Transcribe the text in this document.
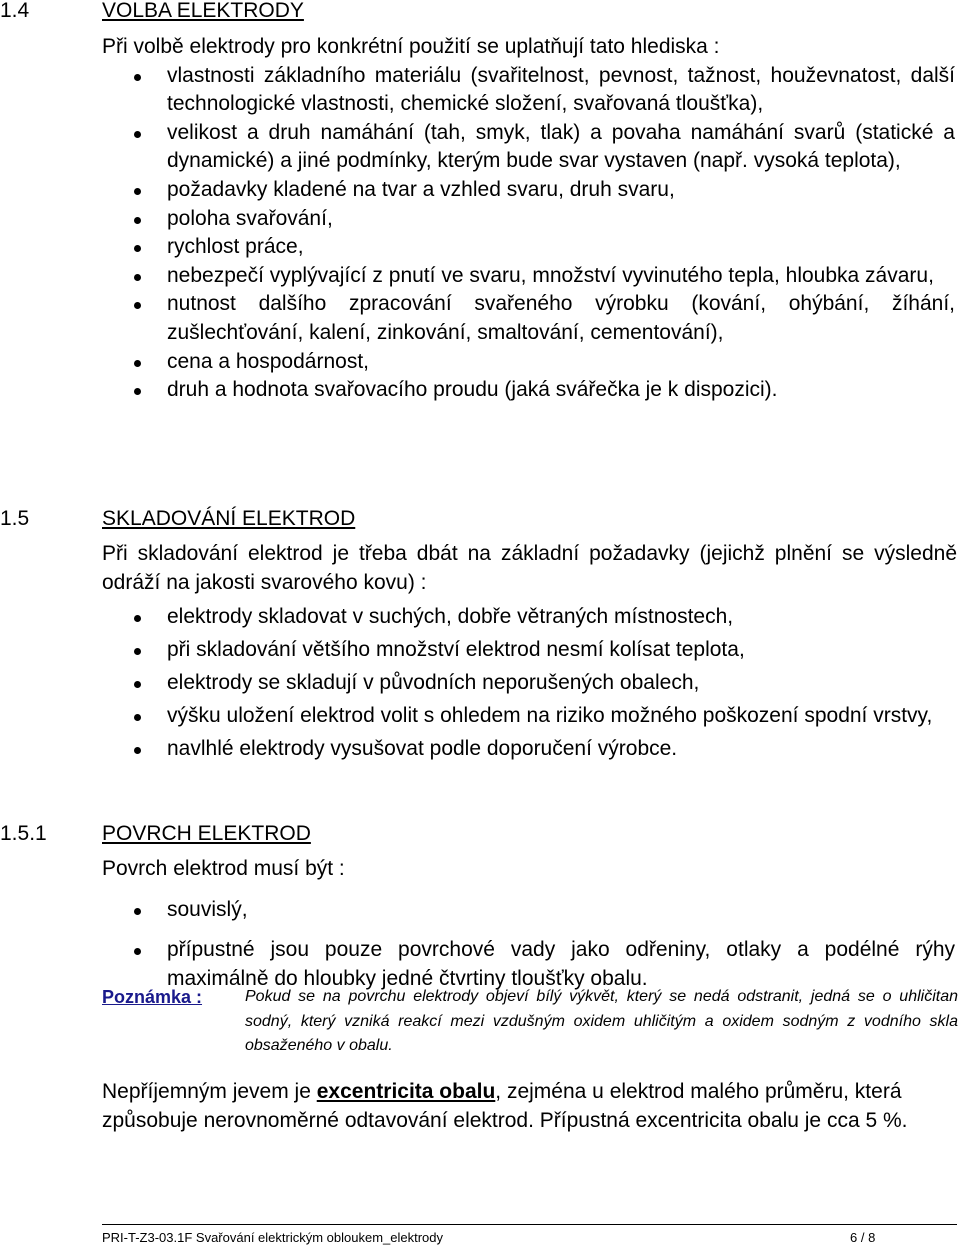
1.4	VOLBA ELEKTRODY
Při volbě elektrody pro konkrétní použití se uplatňují tato hlediska :
vlastnosti základního materiálu (svařitelnost, pevnost, tažnost, houževnatost, další technologické vlastnosti, chemické složení, svařovaná tloušťka),
velikost a druh namáhání (tah, smyk, tlak) a povaha namáhání svarů (statické a dynamické) a jiné podmínky, kterým bude svar vystaven (např. vysoká teplota),
požadavky kladené na tvar a vzhled svaru, druh svaru,
poloha svařování,
rychlost práce,
nebezpečí vyplývající z pnutí ve svaru, množství vyvinutého tepla, hloubka závaru,
nutnost dalšího zpracování svařeného výrobku (kování, ohýbání, žíhání, zušlechťování, kalení, zinkování, smaltování, cementování),
cena a hospodárnost,
druh a hodnota svařovacího proudu (jaká svářečka je k dispozici).
1.5	SKLADOVÁNÍ ELEKTROD
Při skladování elektrod je třeba dbát na základní požadavky (jejichž plnění se výsledně odráží na jakosti svarového kovu) :
elektrody skladovat v suchých, dobře větraných místnostech,
při skladování většího množství elektrod nesmí kolísat teplota,
elektrody se skladují v původních neporušených obalech,
výšku uložení elektrod volit s ohledem na riziko možného poškození spodní vrstvy,
navlhlé elektrody vysušovat podle doporučení výrobce.
1.5.1	POVRCH ELEKTROD
Povrch elektrod musí být :
souvislý,
přípustné jsou pouze povrchové vady jako odřeniny, otlaky a podélné rýhy maximálně do hloubky jedné čtvrtiny tloušťky obalu.
Poznámka :	Pokud se na povrchu elektrody objeví bílý výkvět, který se nedá odstranit, jedná se o uhličitan sodný, který vzniká reakcí mezi vzdušným oxidem uhličitým a oxidem sodným z vodního skla obsaženého v obalu.
Nepříjemným jevem je excentricita obalu, zejména u elektrod malého průměru, která způsobuje nerovnoměrné odtavování elektrod. Přípustná excentricita obalu je cca 5 %.
PRI-T-Z3-03.1F Svařování elektrickým obloukem_elektrody	6 / 8
